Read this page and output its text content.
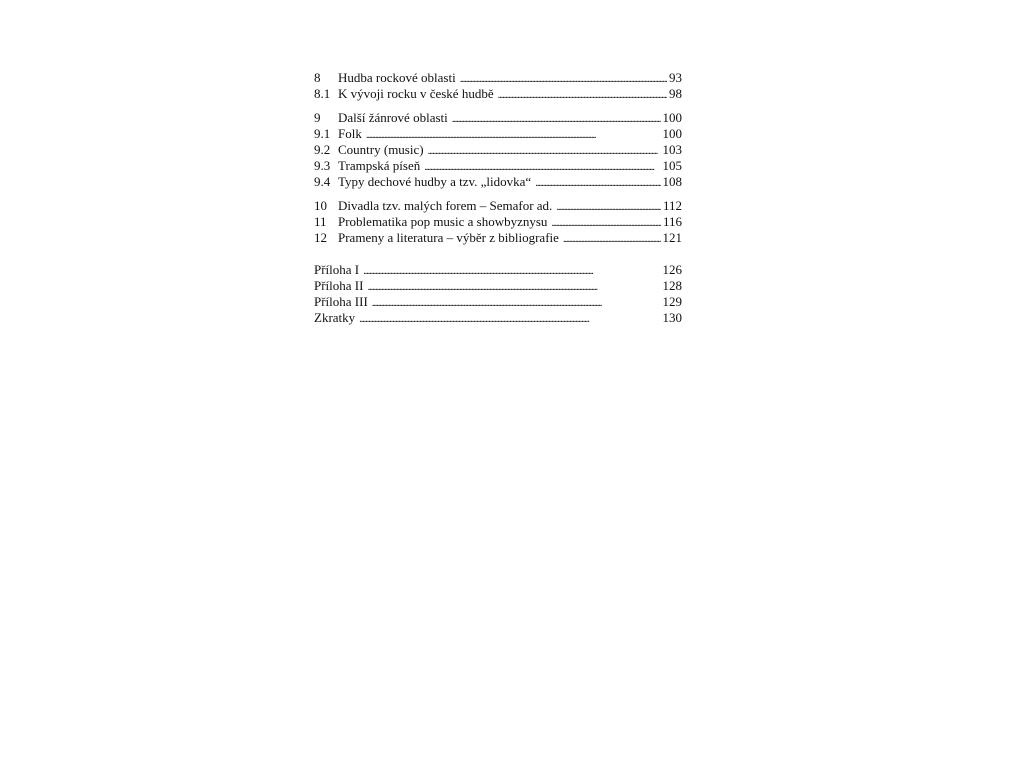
8	Hudba rockové oblasti . . .	93
8.1 K vývoji rocku v české hudbě . . .	98
9	Další žánrové oblasti . . .	100
9.1 Folk . . .	100
9.2 Country (music) . . .	103
9.3 Trampská píseň . . .	105
9.4 Typy dechové hudby a tzv. „lidovka“ . . .	108
10 Divadla tzv. malých forem – Semafor ad. . . .	112
11 Problematika pop music a showbyznysu . . .	116
12 Prameny a literatura – výběr z bibliografie . . .	121
Příloha I . . .	126
Příloha II . . .	128
Příloha III . . .	129
Zkratky . . .	130
